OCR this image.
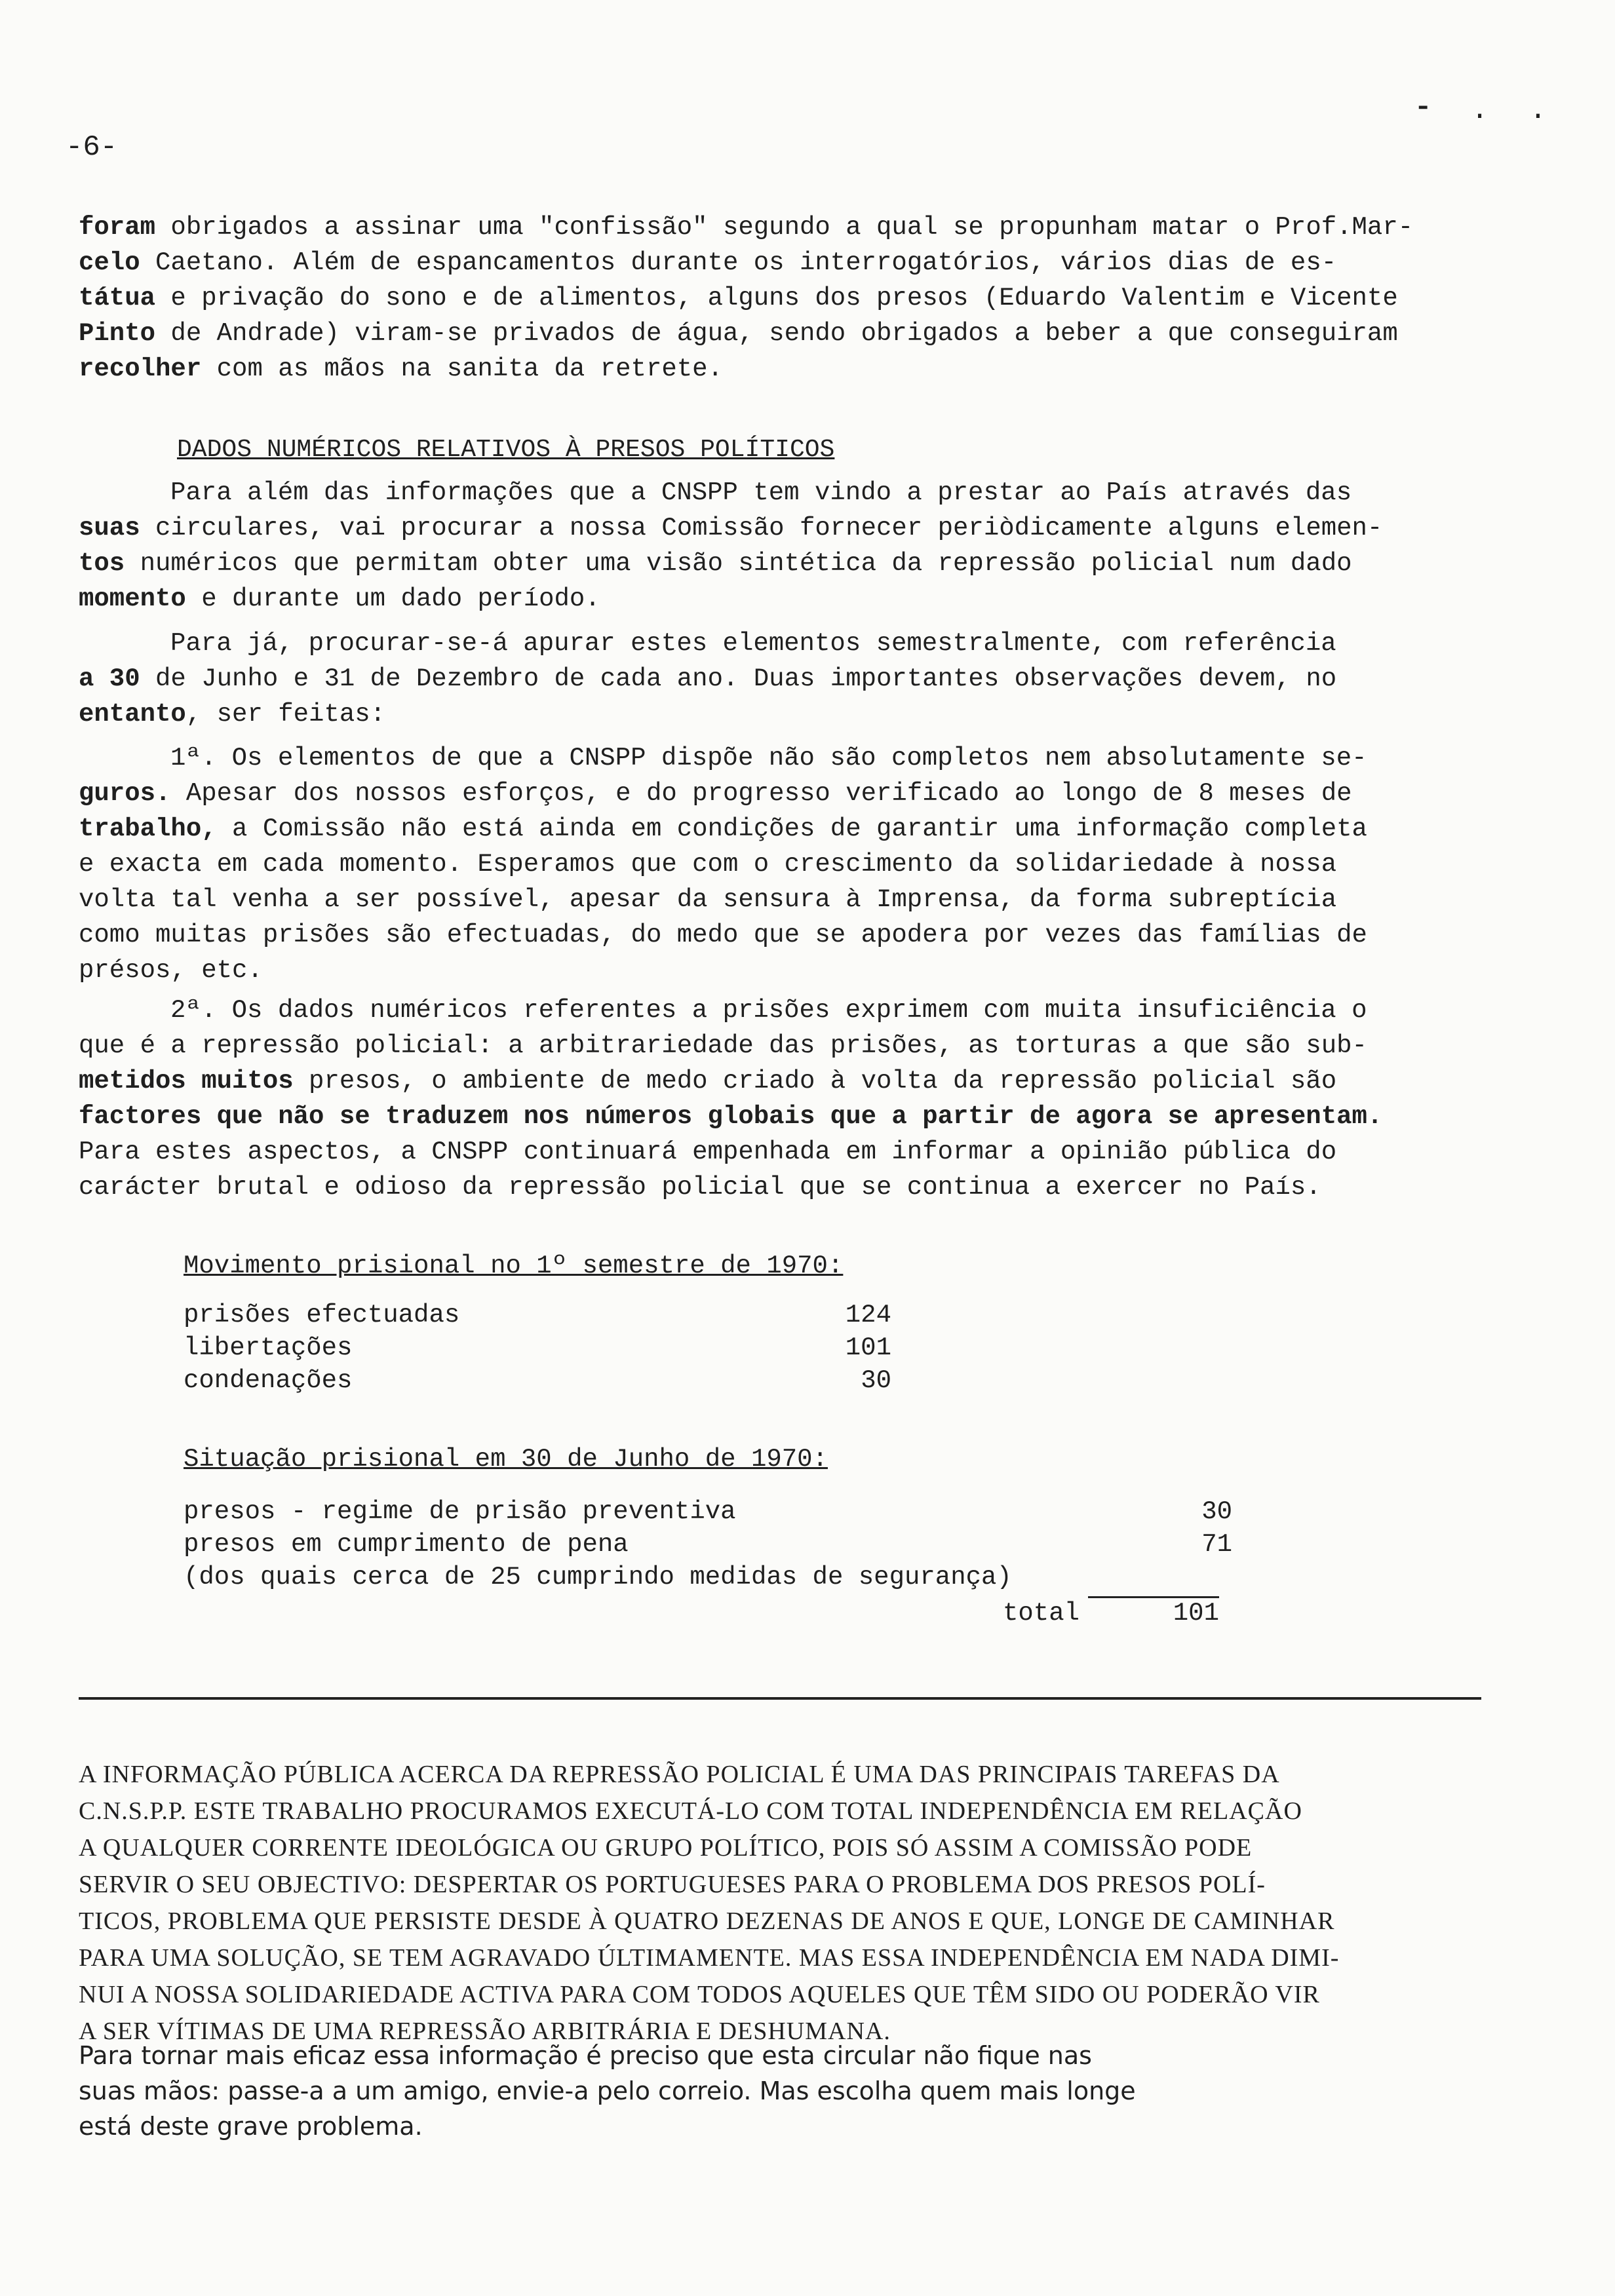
-6-
⁃ . .

foram obrigados a assinar uma "confissão" segundo a qual se propunham matar o Prof.Mar-

celo Caetano. Além de espancamentos durante os interrogatórios, vários dias de es-

tátua e privação do sono e de alimentos, alguns dos presos (Eduardo Valentim e Vicente

Pinto de Andrade) viram-se privados de água, sendo obrigados a beber a que conseguiram

recolher com as mãos na sanita da retrete.

DADOS NUMÉRICOS RELATIVOS À PRESOS POLÍTICOS

Para além das informações que a CNSPP tem vindo a prestar ao País através das

suas circulares, vai procurar a nossa Comissão fornecer periòdicamente alguns elemen-

tos numéricos que permitam obter uma visão sintética da repressão policial num dado

momento e durante um dado período.

Para já, procurar-se-á apurar estes elementos semestralmente, com referência

a 30 de Junho e 31 de Dezembro de cada ano. Duas importantes observações devem, no

entanto, ser feitas:

1ª. Os elementos de que a CNSPP dispõe não são completos nem absolutamente se-

guros. Apesar dos nossos esforços, e do progresso verificado ao longo de 8 meses de

trabalho, a Comissão não está ainda em condições de garantir uma informação completa

e exacta em cada momento. Esperamos que com o crescimento da solidariedade à nossa

volta tal venha a ser possível, apesar da sensura à Imprensa, da forma subreptícia

como muitas prisões são efectuadas, do medo que se apodera por vezes das famílias de

présos, etc.

2ª. Os dados numéricos referentes a prisões exprimem com muita insuficiência o

que é a repressão policial: a arbitrariedade das prisões, as torturas a que são sub-

metidos muitos presos, o ambiente de medo criado à volta da repressão policial são

factores que não se traduzem nos números globais que a partir de agora se apresentam.

Para estes aspectos, a CNSPP continuará empenhada em informar a opinião pública do

carácter brutal e odioso da repressão policial que se continua a exercer no País.

Movimento prisional no 1º semestre de 1970:
prisões efectuadas	124
libertações	101
condenações	30
Situação prisional em 30 de Junho de 1970:
presos - regime de prisão preventiva	30
presos em cumprimento de pena	71
(dos quais cerca de 25 cumprindo medidas de segurança)
total	101
A INFORMAÇÃO PÚBLICA ACERCA DA REPRESSÃO POLICIAL É UMA DAS PRINCIPAIS TAREFAS DA
C.N.S.P.P. ESTE TRABALHO PROCURAMOS EXECUTÁ-LO COM TOTAL INDEPENDÊNCIA EM RELAÇÃO
A QUALQUER CORRENTE IDEOLÓGICA OU GRUPO POLÍTICO, POIS SÓ ASSIM A COMISSÃO PODE
SERVIR O SEU OBJECTIVO: DESPERTAR OS PORTUGUESES PARA O PROBLEMA DOS PRESOS POLÍ-
TICOS, PROBLEMA QUE PERSISTE DESDE À QUATRO DEZENAS DE ANOS E QUE, LONGE DE CAMINHAR
PARA UMA SOLUÇÃO, SE TEM AGRAVADO ÚLTIMAMENTE. MAS ESSA INDEPENDÊNCIA EM NADA DIMI-
NUI A NOSSA SOLIDARIEDADE ACTIVA PARA COM TODOS AQUELES QUE TÊM SIDO OU PODERÃO VIR
A SER VÍTIMAS DE UMA REPRESSÃO ARBITRÁRIA E DESHUMANA.
Para tornar mais eficaz essa informação é preciso que esta circular não fique nas
suas mãos: passe-a a um amigo, envie-a pelo correio. Mas escolha quem mais longe
está deste grave problema.
